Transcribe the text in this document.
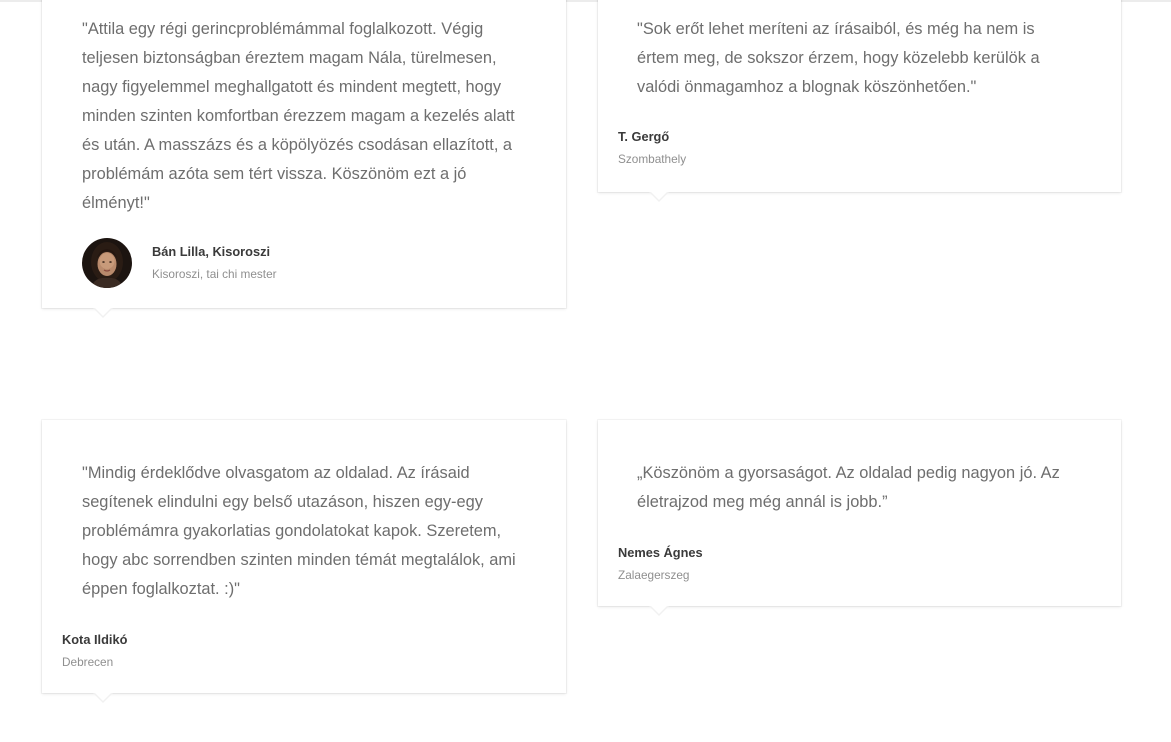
"Attila egy régi gerincproblémámmal foglalkozott. Végig teljesen biztonságban éreztem magam Nála, türelmesen, nagy figyelemmel meghallgatott és mindent megtett, hogy minden szinten komfortban érezzem magam a kezelés alatt és után. A masszázs és a köpölyözés csodásan ellazított, a problémám azóta sem tért vissza. Köszönöm ezt a jó élményt!"

Bán Lilla, Kisoroszi
Kisoroszi, tai chi mester

"Sok erőt lehet meríteni az írásaiból, és még ha nem is értem meg, de sokszor érzem, hogy közelebb kerülök a valódi önmagamhoz a blognak köszönhetően."

T. Gergő
Szombathely

"Mindig érdeklődve olvasgatom az oldalad. Az írásaid segítenek elindulni egy belső utazáson, hiszen egy-egy problémámra gyakorlatias gondolatokat kapok. Szeretem, hogy abc sorrendben szinten minden témát megtalálok, ami éppen foglalkoztat. :)"

Kota Ildikó
Debrecen

„Köszönöm a gyorsaságot. Az oldalad pedig nagyon jó. Az életrajzod meg még annál is jobb.”

Nemes Ágnes
Zalaegerszeg
